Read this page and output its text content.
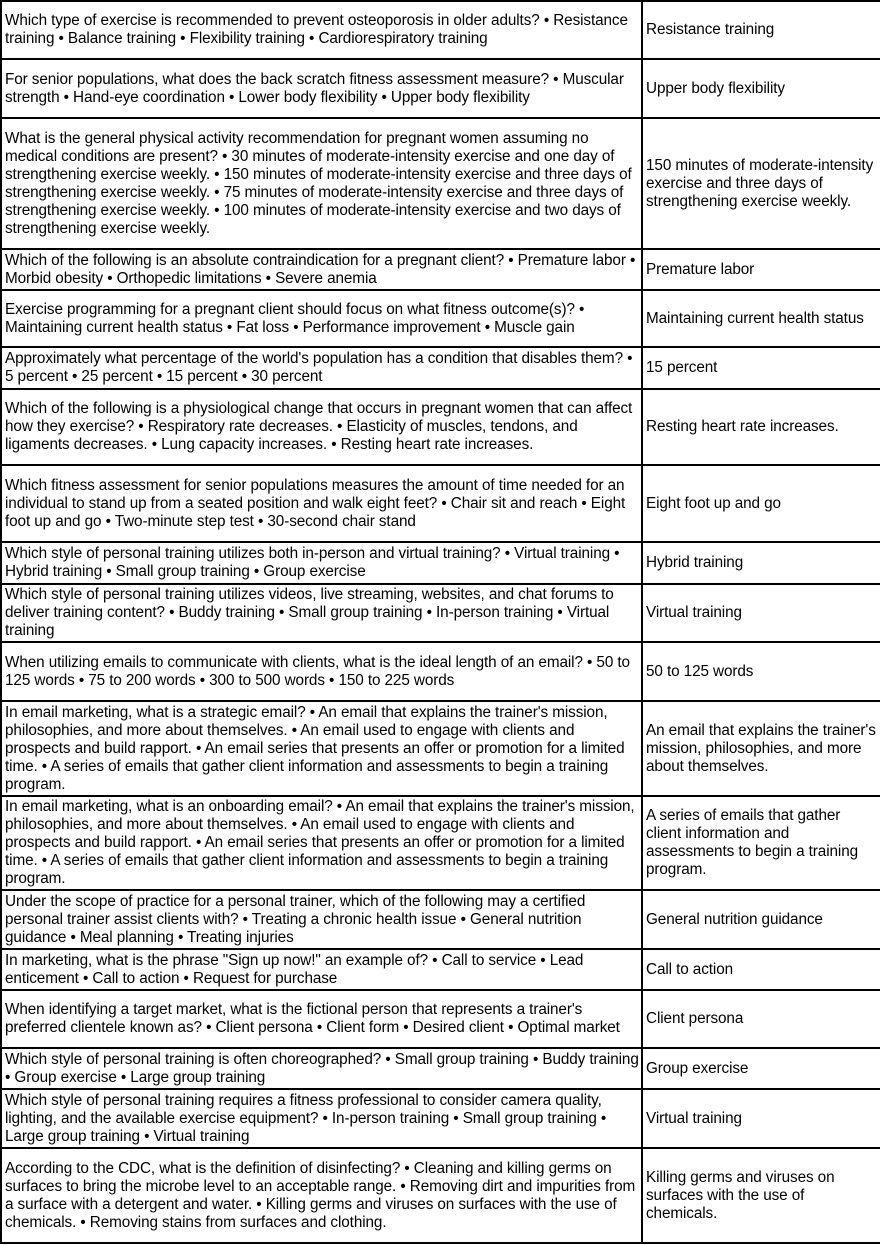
Which type of exercise is recommended to prevent osteoporosis in older adults? • Resistance training • Balance training • Flexibility training • Cardiorespiratory training	Resistance training
For senior populations, what does the back scratch fitness assessment measure? • Muscular strength • Hand-eye coordination • Lower body flexibility • Upper body flexibility	Upper body flexibility
What is the general physical activity recommendation for pregnant women assuming no medical conditions are present? • 30 minutes of moderate-intensity exercise and one day of strengthening exercise weekly. • 150 minutes of moderate-intensity exercise and three days of strengthening exercise weekly. • 75 minutes of moderate-intensity exercise and three days of strengthening exercise weekly. • 100 minutes of moderate-intensity exercise and two days of strengthening exercise weekly.	150 minutes of moderate-intensity exercise and three days of strengthening exercise weekly.
Which of the following is an absolute contraindication for a pregnant client? • Premature labor • Morbid obesity • Orthopedic limitations • Severe anemia	Premature labor
Exercise programming for a pregnant client should focus on what fitness outcome(s)? • Maintaining current health status • Fat loss • Performance improvement • Muscle gain	Maintaining current health status
Approximately what percentage of the world's population has a condition that disables them? • 5 percent • 25 percent • 15 percent • 30 percent	15 percent
Which of the following is a physiological change that occurs in pregnant women that can affect how they exercise? • Respiratory rate decreases. • Elasticity of muscles, tendons, and ligaments decreases. • Lung capacity increases. • Resting heart rate increases.	Resting heart rate increases.
Which fitness assessment for senior populations measures the amount of time needed for an individual to stand up from a seated position and walk eight feet? • Chair sit and reach • Eight foot up and go • Two-minute step test • 30-second chair stand	Eight foot up and go
Which style of personal training utilizes both in-person and virtual training? • Virtual training • Hybrid training • Small group training • Group exercise	Hybrid training
Which style of personal training utilizes videos, live streaming, websites, and chat forums to deliver training content? • Buddy training • Small group training • In-person training • Virtual training	Virtual training
When utilizing emails to communicate with clients, what is the ideal length of an email? • 50 to 125 words • 75 to 200 words • 300 to 500 words • 150 to 225 words	50 to 125 words
In email marketing, what is a strategic email? • An email that explains the trainer's mission, philosophies, and more about themselves. • An email used to engage with clients and prospects and build rapport. • An email series that presents an offer or promotion for a limited time. • A series of emails that gather client information and assessments to begin a training program.	An email that explains the trainer's mission, philosophies, and more about themselves.
In email marketing, what is an onboarding email? • An email that explains the trainer's mission, philosophies, and more about themselves. • An email used to engage with clients and prospects and build rapport. • An email series that presents an offer or promotion for a limited time. • A series of emails that gather client information and assessments to begin a training program.	A series of emails that gather client information and assessments to begin a training program.
Under the scope of practice for a personal trainer, which of the following may a certified personal trainer assist clients with? • Treating a chronic health issue • General nutrition guidance • Meal planning • Treating injuries	General nutrition guidance
In marketing, what is the phrase "Sign up now!" an example of? • Call to service • Lead enticement • Call to action • Request for purchase	Call to action
When identifying a target market, what is the fictional person that represents a trainer's preferred clientele known as? • Client persona • Client form • Desired client • Optimal market	Client persona
Which style of personal training is often choreographed? • Small group training • Buddy training • Group exercise • Large group training	Group exercise
Which style of personal training requires a fitness professional to consider camera quality, lighting, and the available exercise equipment? • In-person training • Small group training • Large group training • Virtual training	Virtual training
According to the CDC, what is the definition of disinfecting? • Cleaning and killing germs on surfaces to bring the microbe level to an acceptable range. • Removing dirt and impurities from a surface with a detergent and water. • Killing germs and viruses on surfaces with the use of chemicals. • Removing stains from surfaces and clothing.	Killing germs and viruses on surfaces with the use of chemicals.
